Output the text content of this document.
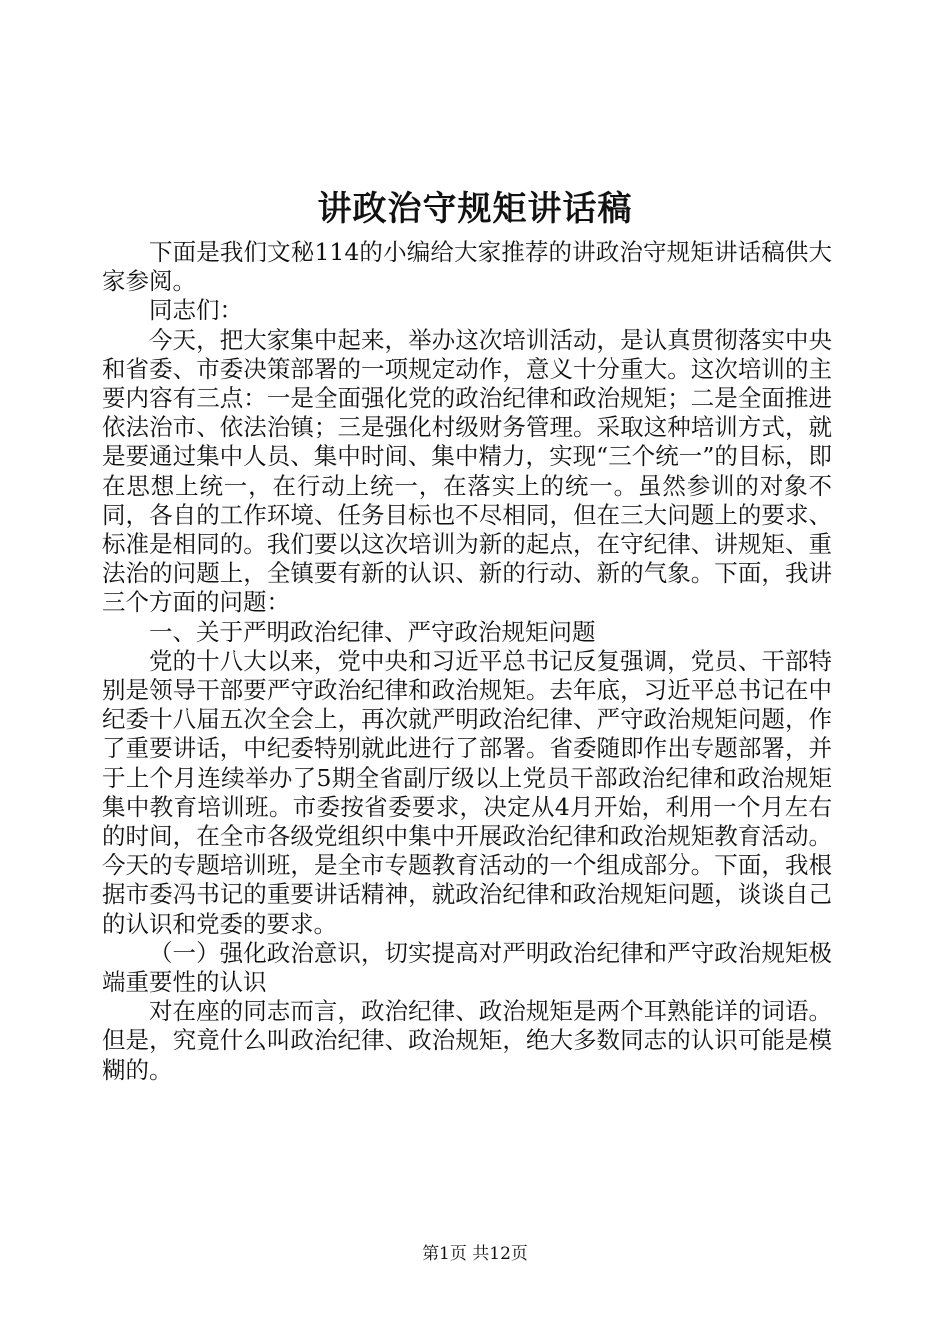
讲政治守规矩讲话稿

下面是我们文秘114的小编给大家推荐的讲政治守规矩讲话稿供大家参阅。

同志们：

今天，把大家集中起来，举办这次培训活动，是认真贯彻落实中央和省委、市委决策部署的一项规定动作，意义十分重大。这次培训的主要内容有三点：一是全面强化党的政治纪律和政治规矩；二是全面推进依法治市、依法治镇；三是强化村级财务管理。采取这种培训方式，就是要通过集中人员、集中时间、集中精力，实现“三个统一”的目标，即在思想上统一，在行动上统一，在落实上的统一。虽然参训的对象不同，各自的工作环境、任务目标也不尽相同，但在三大问题上的要求、标准是相同的。我们要以这次培训为新的起点，在守纪律、讲规矩、重法治的问题上，全镇要有新的认识、新的行动、新的气象。下面，我讲三个方面的问题：

一、关于严明政治纪律、严守政治规矩问题

党的十八大以来，党中央和习近平总书记反复强调，党员、干部特别是领导干部要严守政治纪律和政治规矩。去年底，习近平总书记在中纪委十八届五次全会上，再次就严明政治纪律、严守政治规矩问题，作了重要讲话，中纪委特别就此进行了部署。省委随即作出专题部署，并于上个月连续举办了5期全省副厅级以上党员干部政治纪律和政治规矩集中教育培训班。市委按省委要求，决定从4月开始，利用一个月左右的时间，在全市各级党组织中集中开展政治纪律和政治规矩教育活动。今天的专题培训班，是全市专题教育活动的一个组成部分。下面，我根据市委冯书记的重要讲话精神，就政治纪律和政治规矩问题，谈谈自己的认识和党委的要求。

（一）强化政治意识，切实提高对严明政治纪律和严守政治规矩极端重要性的认识

对在座的同志而言，政治纪律、政治规矩是两个耳熟能详的词语。但是，究竟什么叫政治纪律、政治规矩，绝大多数同志的认识可能是模糊的。

第1页 共12页
